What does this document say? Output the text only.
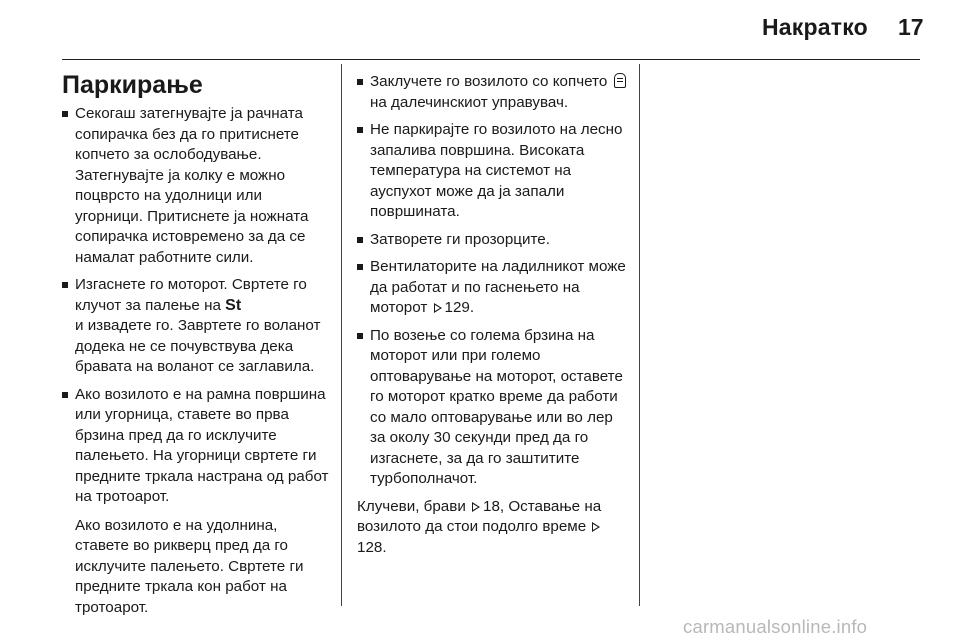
Накратко 17
Паркирање

Секогаш затегнувајте ја рачната сопирачка без да го притиснете копчето за ослободување. Затегнувајте ја колку е можно поцврсто на удолници или угорници. Притиснете ја ножната сопирачка истовремено за да се намалат работните сили.

Изгаснете го моторот. Свртете го клучот за палење на St
и извадете го. Завртете го воланот додека не се почувствува дека бравата на воланот се заглавила.

Ако возилото е на рамна површина или угорница, ставете во прва брзина пред да го исклучите палењето. На угорници свртете ги предните тркала настрана од работ на тротоарот.

Ако возилото е на удолнина, ставете во рикверц пред да го исклучите палењето. Свртете ги предните тркала кон работ на тротоарот.

Заклучете го возилото со копчето  на далечинскиот управувач.

Не паркирајте го возилото на лесно запалива површина. Високата температура на системот на ауспухот може да ја запали површината.

Затворете ги прозорците.

Вентилаторите на ладилникот може да работат и по гаснењето на моторот 129.

По возење со голема брзина на моторот или при големо оптоварување на моторот, оставете го моторот кратко време да работи со мало оптоварување или во лер за околу 30 секунди пред да го изгаснете, за да го заштитите турбополначот.

Клучеви, брави 18, Оставање на возилото да стои подолго време 128.
carmanualsonline.info
